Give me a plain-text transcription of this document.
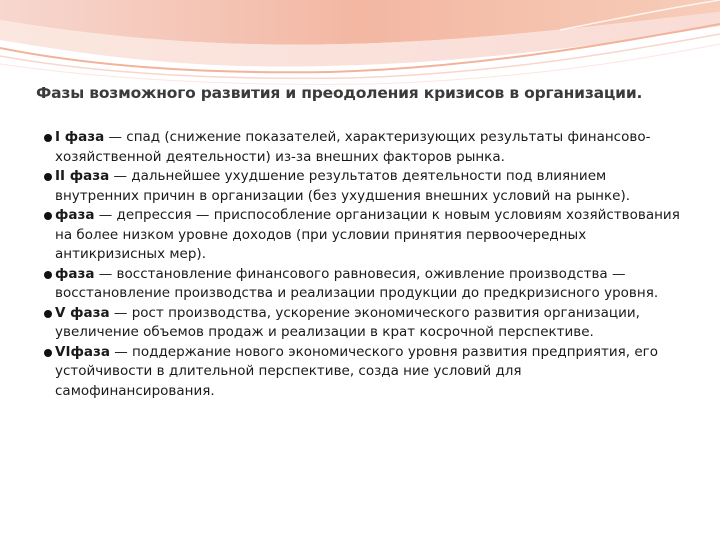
Фазы возможного развития и преодоления кризисов в организации.
I фаза — спад (снижение показателей, характеризующих результаты финансово-хозяйственной деятельности) из-за внешних факторов рынка.
II фаза — дальнейшее ухудшение результатов деятельности под влиянием внутренних причин в организации (без ухудшения внешних условий на рынке).
фаза — депрессия — приспособление организации к новым условиям хозяйствования на более низком уровне доходов (при условии принятия первоочередных антикризисных мер).
фаза — восстановление финансового равновесия, оживление производства — восстановление производства и реализации продукции до предкризисного уровня.
V фаза — рост производства, ускорение экономического развития организации, увеличение объемов продаж и реализации в крат косрочной перспективе.
VIфаза — поддержание нового экономического уровня развития предприятия, его устойчивости в длительной перспективе, созда ние условий для самофинансирования.
